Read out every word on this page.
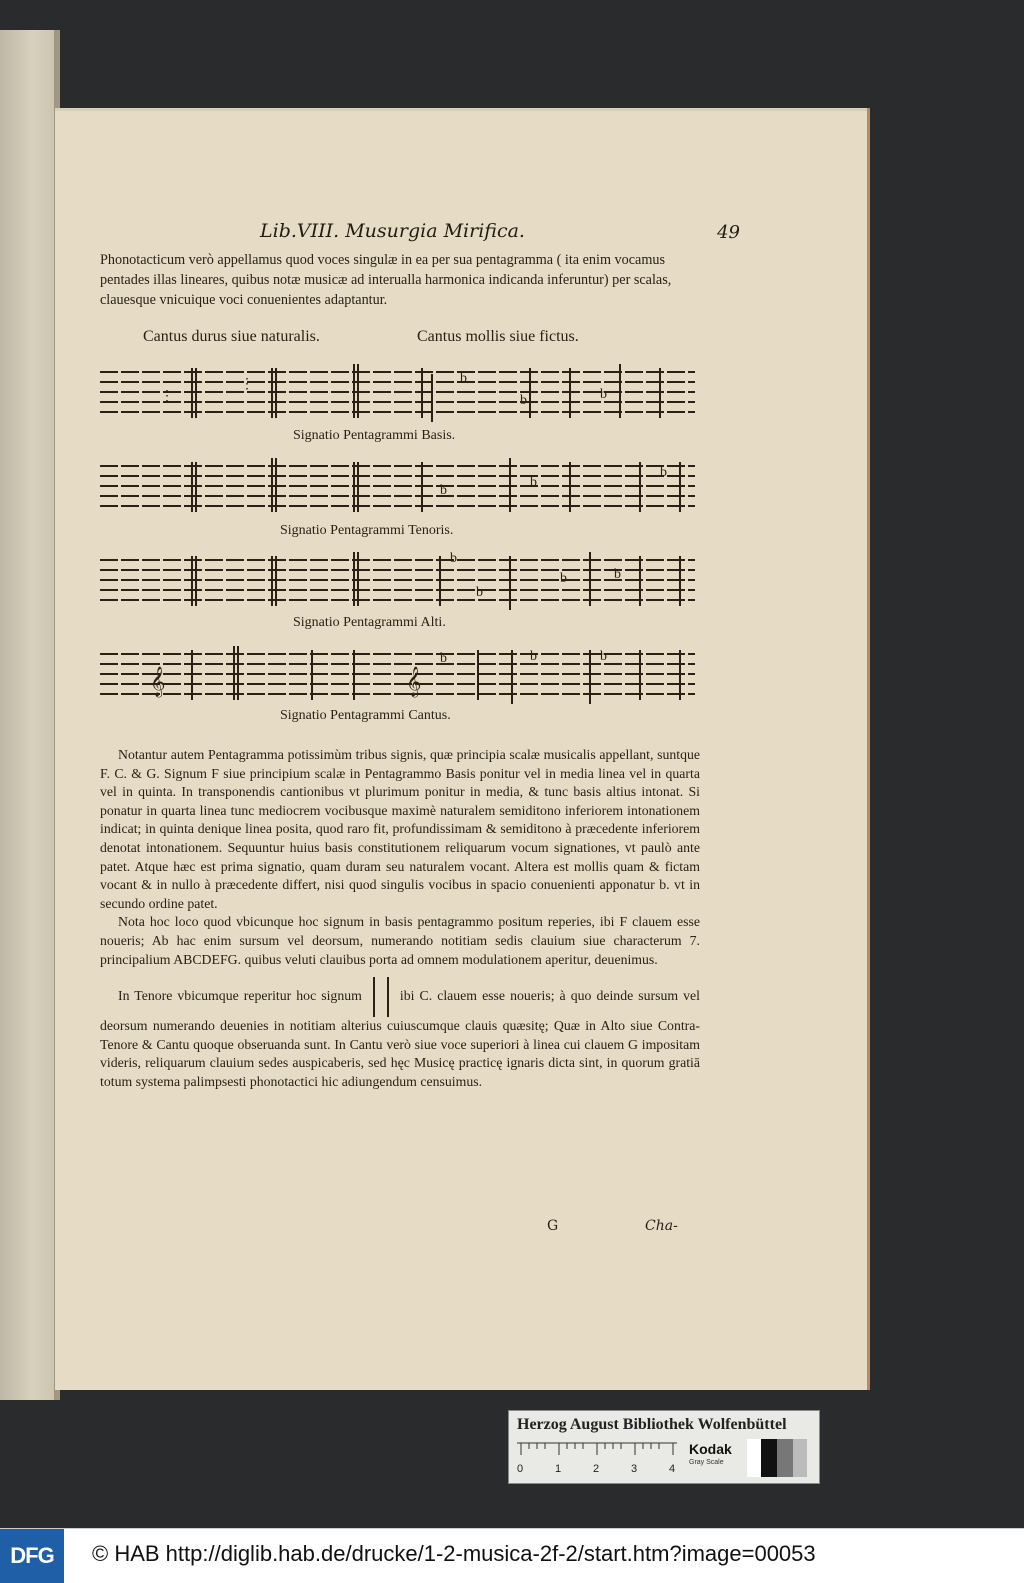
Lib.VIII. Musurgia Mirifica.	49
Phonotacticum verò appellamus quod voces singulæ in ea per sua pentagramma ( ita enim vocamus pentades illas lineares, quibus notæ musicæ ad interualla harmonica indicanda inferuntur) per scalas, clauesque vnicuique voci conuenientes adaptantur.
Cantus durus siue naturalis.	Cantus mollis siue fictus.
⋮
⋮	b
b	b
Signatio Pentagrammi Basis.
b
b
b
Signatio Pentagrammi Tenoris.
b
b
b	b
Signatio Pentagrammi Alti.
𝄞	𝄞
b	b	b
Signatio Pentagrammi Cantus.

Notantur autem Pentagramma potissimùm tribus signis, quæ principia scalæ musicalis appellant, suntque F. C. & G. Signum F siue principium scalæ in Pentagrammo Basis ponitur vel in media linea vel in quarta vel in quinta. In transponendis cantionibus vt plurimum ponitur in media, & tunc basis altius intonat. Si ponatur in quarta linea tunc mediocrem vocibusque maximè naturalem semiditono inferiorem intonationem indicat; in quinta denique linea posita, quod raro fit, profundissimam & semiditono à præcedente inferiorem denotat intonationem. Sequuntur huius basis constitutionem reliquarum vocum signationes, vt paulò ante patet. Atque hæc est prima signatio, quam duram seu naturalem vocant. Altera est mollis quam & fictam vocant & in nullo à præcedente differt, nisi quod singulis vocibus in spacio conuenienti apponatur b. vt in secundo ordine patet.

Nota hoc loco quod vbicunque hoc signum in basis pentagrammo positum reperies, ibi F clauem esse noueris; Ab hac enim sursum vel deorsum, numerando notitiam sedis clauium siue characterum 7. principalium ABCDEFG. quibus veluti clauibus porta ad omnem modulationem aperitur, deuenimus.

In Tenore vbicumque reperitur hoc signum	ibi C. clauem esse noueris; à quo deinde sursum vel deorsum numerando deuenies in notitiam alterius cuiuscumque clauis quæsitę; Quæ in Alto siue Contra-Tenore & Cantu quoque obseruanda sunt. In Cantu verò siue voce superiori à linea cui clauem G impositam videris, reliquarum clauium sedes auspicaberis, sed hęc Musicę practicę ignaris dicta sint, in quorum gratiā totum systema palimpsesti phonotactici hic adiungendum censuimus.

G	Cha-
Herzog August Bibliothek Wolfenbüttel
0	1	2	3	4
Kodak
Gray Scale
DFG	© HAB http://diglib.hab.de/drucke/1-2-musica-2f-2/start.htm?image=00053
